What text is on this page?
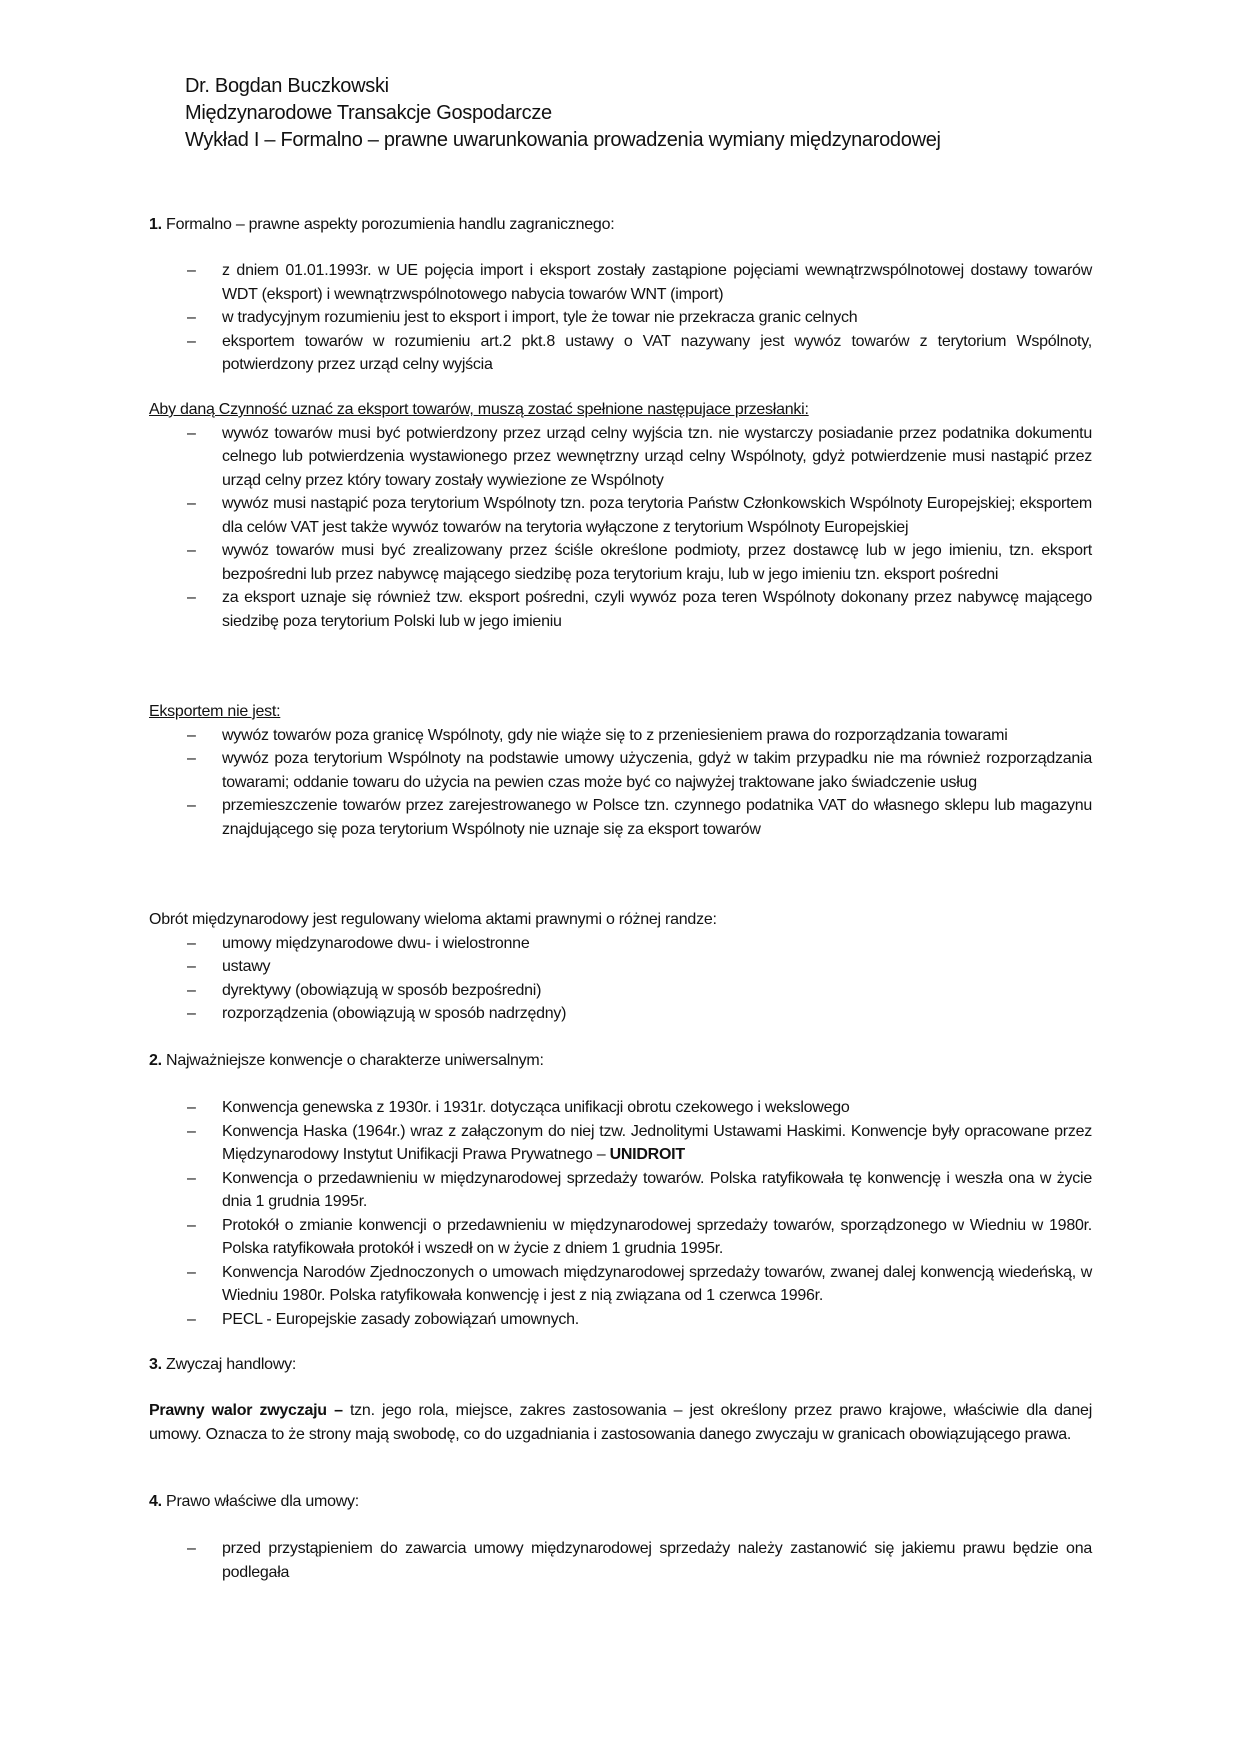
Dr. Bogdan Buczkowski

Międzynarodowe Transakcje Gospodarcze

Wykład I – Formalno – prawne uwarunkowania prowadzenia wymiany międzynarodowej

1. Formalno – prawne aspekty porozumienia handlu zagranicznego:
– z dniem 01.01.1993r. w UE pojęcia import i eksport zostały zastąpione pojęciami wewnątrzwspólnotowej dostawy towarów WDT (eksport) i wewnątrzwspólnotowego nabycia towarów WNT (import)
– w tradycyjnym rozumieniu jest to eksport i import, tyle że towar nie przekracza granic celnych
– eksportem towarów w rozumieniu art.2 pkt.8 ustawy o VAT nazywany jest wywóz towarów z terytorium Wspólnoty, potwierdzony przez urząd celny wyjścia

Aby daną Czynność uznać za eksport towarów, muszą zostać spełnione następujace przesłanki:

– wywóz towarów musi być potwierdzony przez urząd celny wyjścia tzn. nie wystarczy posiadanie przez podatnika dokumentu celnego lub potwierdzenia wystawionego przez wewnętrzny urząd celny Wspólnoty, gdyż potwierdzenie musi nastąpić przez urząd celny przez który towary zostały wywiezione ze Wspólnoty
– wywóz musi nastąpić poza terytorium Wspólnoty tzn. poza terytoria Państw Członkowskich Wspólnoty Europejskiej; eksportem dla celów VAT jest także wywóz towarów na terytoria wyłączone z terytorium Wspólnoty Europejskiej
– wywóz towarów musi być zrealizowany przez ściśle określone podmioty, przez dostawcę lub w jego imieniu, tzn. eksport bezpośredni lub przez nabywcę mającego siedzibę poza terytorium kraju, lub w jego imieniu tzn. eksport pośredni
– za eksport uznaje się również tzw. eksport pośredni, czyli wywóz poza teren Wspólnoty dokonany przez nabywcę mającego siedzibę poza terytorium Polski lub w jego imieniu

Eksportem nie jest:

– wywóz towarów poza granicę Wspólnoty, gdy nie wiąże się to z przeniesieniem prawa do rozporządzania towarami
– wywóz poza terytorium Wspólnoty na podstawie umowy użyczenia, gdyż w takim przypadku nie ma również rozporządzania towarami; oddanie towaru do użycia na pewien czas może być co najwyżej traktowane jako świadczenie usług
– przemieszczenie towarów przez zarejestrowanego w Polsce tzn. czynnego podatnika VAT do własnego sklepu lub magazynu znajdującego się poza terytorium Wspólnoty nie uznaje się za eksport towarów

Obrót międzynarodowy jest regulowany wieloma aktami prawnymi o różnej randze:

– umowy międzynarodowe dwu- i wielostronne
– ustawy
– dyrektywy (obowiązują w sposób bezpośredni)
– rozporządzenia (obowiązują w sposób nadrzędny)
2. Najważniejsze konwencje o charakterze uniwersalnym:
– Konwencja genewska z 1930r. i 1931r. dotycząca unifikacji obrotu czekowego i wekslowego
– Konwencja Haska (1964r.) wraz z załączonym do niej tzw. Jednolitymi Ustawami Haskimi. Konwencje były opracowane przez Międzynarodowy Instytut Unifikacji Prawa Prywatnego – UNIDROIT
– Konwencja o przedawnieniu w międzynarodowej sprzedaży towarów. Polska ratyfikowała tę konwencję i weszła ona w życie dnia 1 grudnia 1995r.
– Protokół o zmianie konwencji o przedawnieniu w międzynarodowej sprzedaży towarów, sporządzonego w Wiedniu w 1980r. Polska ratyfikowała protokół i wszedł on w życie z dniem 1 grudnia 1995r.
– Konwencja Narodów Zjednoczonych o umowach międzynarodowej sprzedaży towarów, zwanej dalej konwencją wiedeńską, w Wiedniu 1980r. Polska ratyfikowała konwencję i jest z nią związana od 1 czerwca 1996r.
– PECL - Europejskie zasady zobowiązań umownych.
3. Zwyczaj handlowy:

Prawny walor zwyczaju – tzn. jego rola, miejsce, zakres zastosowania – jest określony przez prawo krajowe, właściwie dla danej umowy. Oznacza to że strony mają swobodę, co do uzgadniania i zastosowania danego zwyczaju w granicach obowiązującego prawa.

4. Prawo właściwe dla umowy:
– przed przystąpieniem do zawarcia umowy międzynarodowej sprzedaży należy zastanowić się jakiemu prawu będzie ona podlegała
